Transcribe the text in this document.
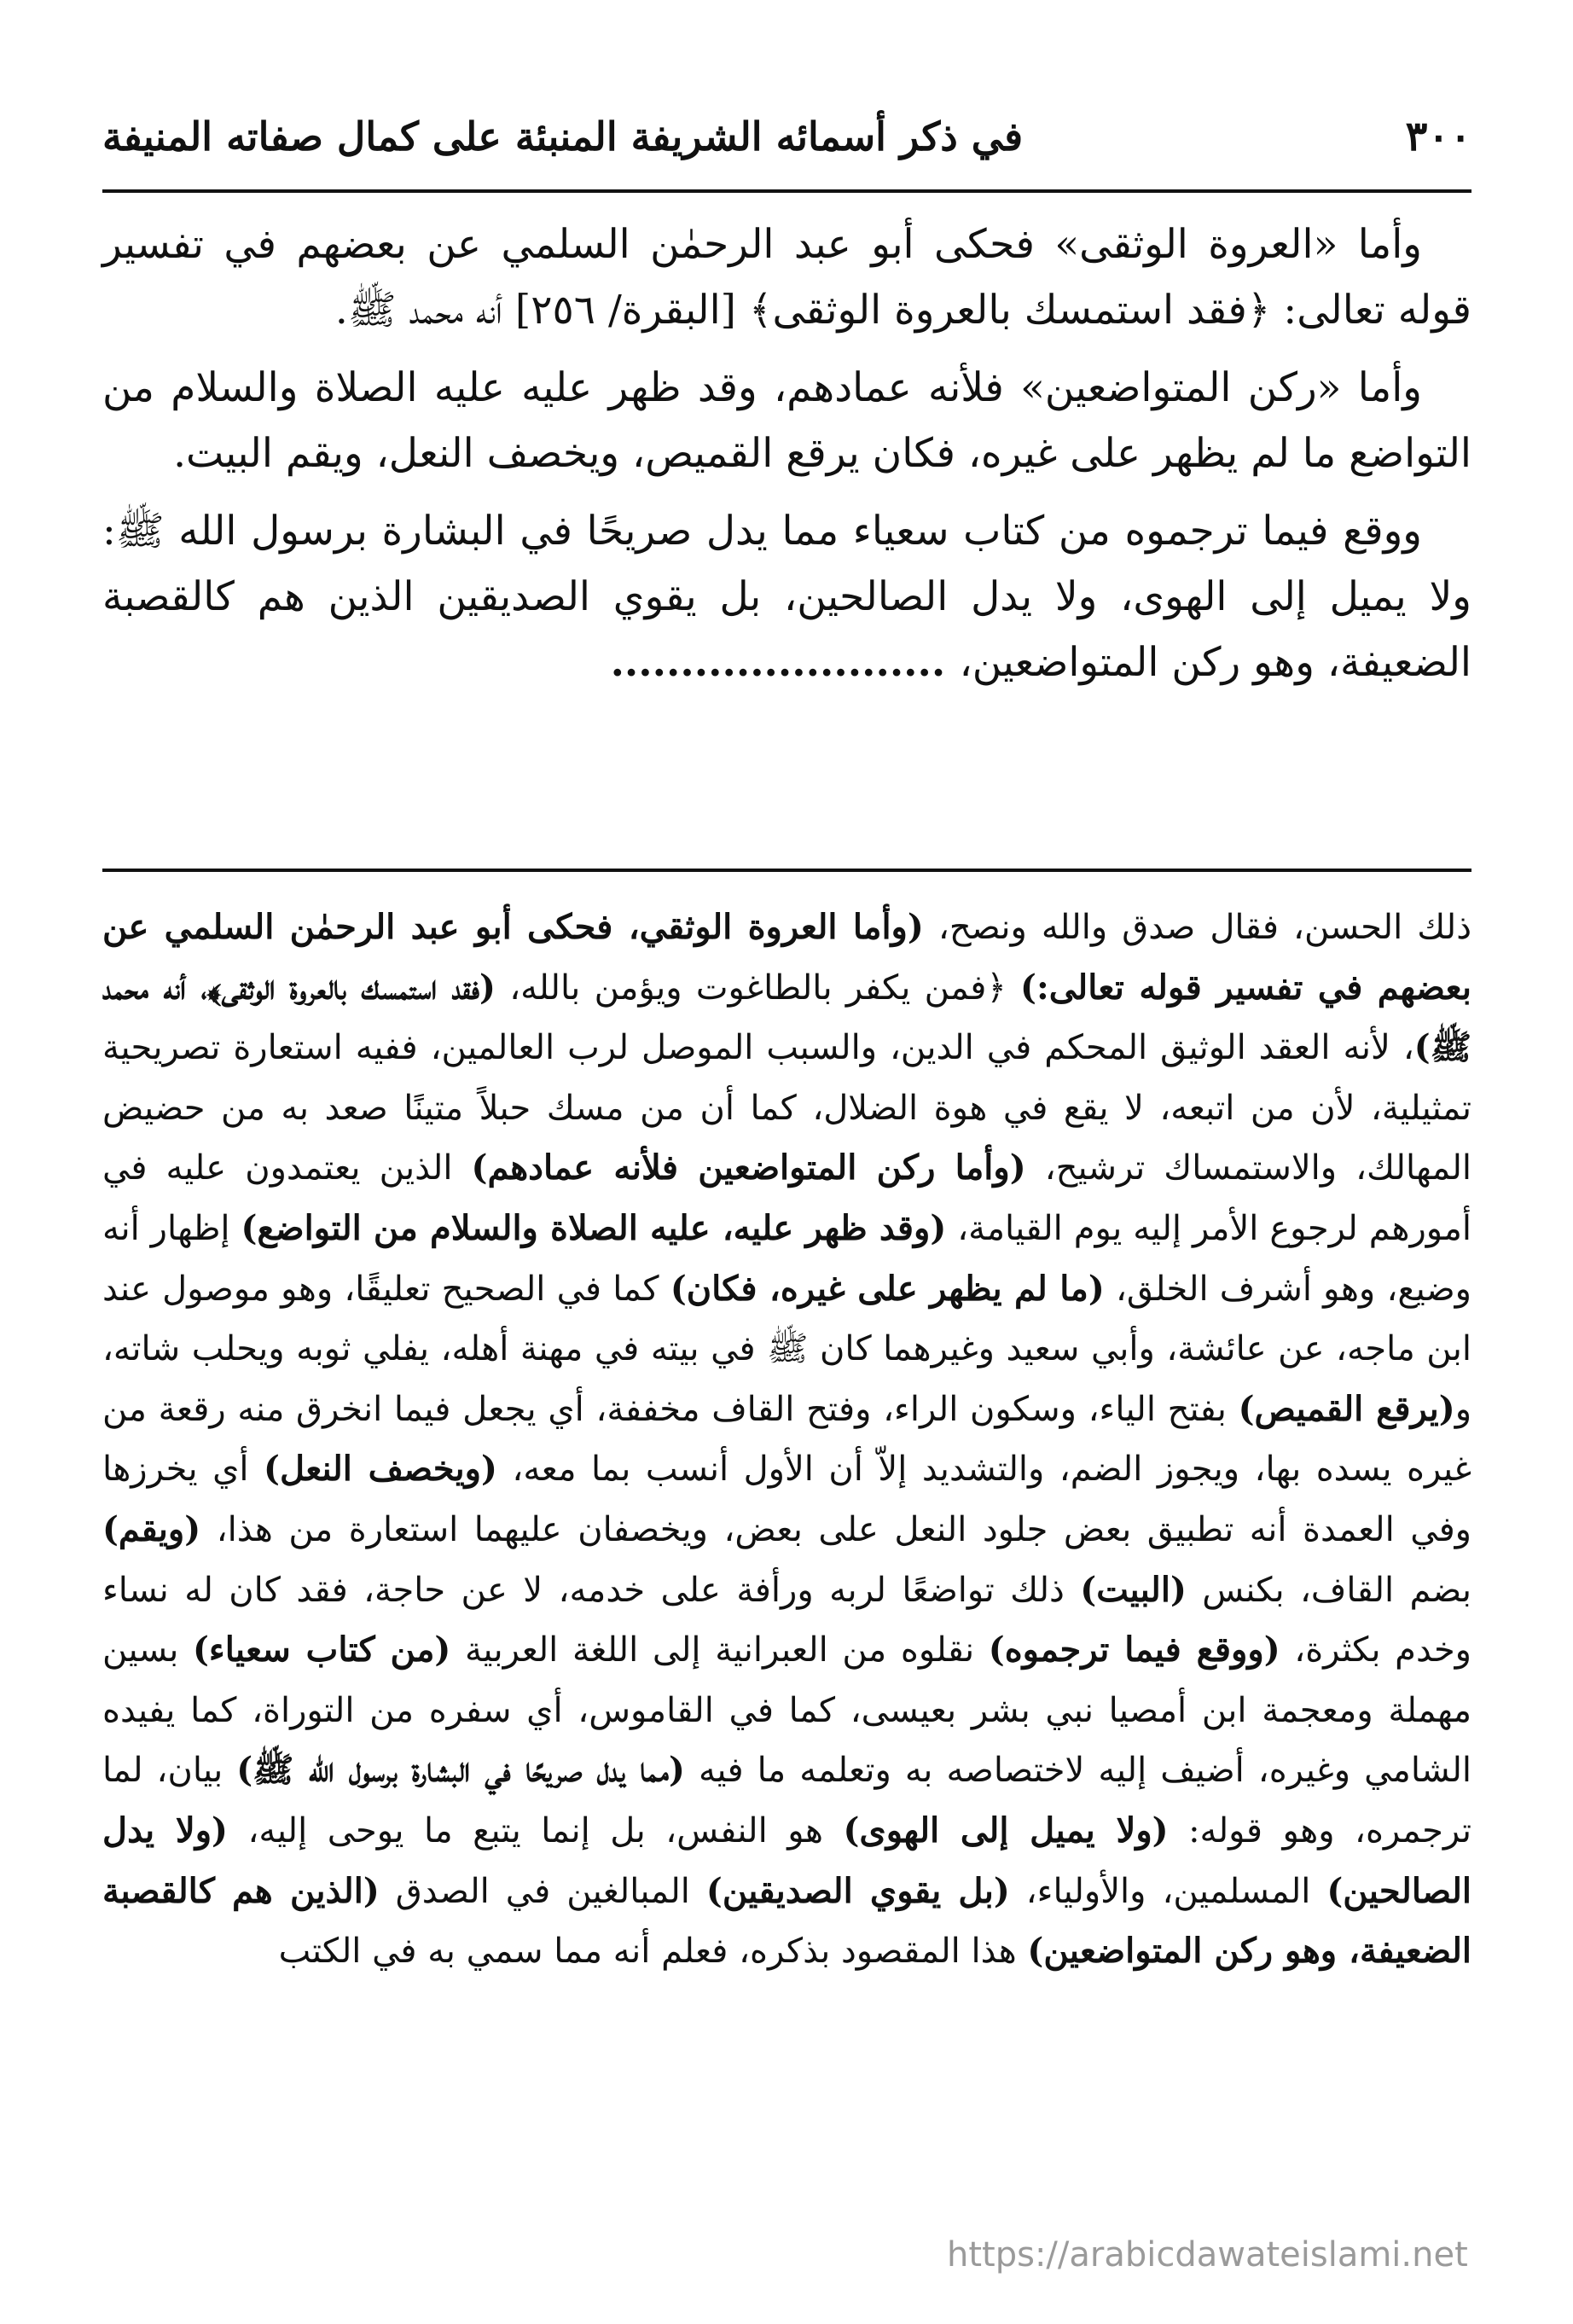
٣٠٠
في ذكر أسمائه الشريفة المنبئة على كمال صفاته المنيفة

وأما «العروة الوثقى» فحكى أبو عبد الرحمٰن السلمي عن بعضهم في تفسير قوله تعالى: ﴿فقد استمسك بالعروة الوثقى﴾ [البقرة/ ٢٥٦] أنه محمد ﷺ.

وأما «ركن المتواضعين» فلأنه عمادهم، وقد ظهر عليه عليه الصلاة والسلام من التواضع ما لم يظهر على غيره، فكان يرقع القميص، ويخصف النعل، ويقم البيت.

ووقع فيما ترجموه من كتاب سعياء مما يدل صريحًا في البشارة برسول الله ﷺ: ولا يميل إلى الهوى، ولا يدل الصالحين، بل يقوي الصديقين الذين هم كالقصبة الضعيفة، وهو ركن المتواضعين، ........................

ذلك الحسن، فقال صدق والله ونصح، (وأما العروة الوثقي، فحكى أبو عبد الرحمٰن السلمي عن بعضهم في تفسير قوله تعالى:) ﴿فمن يكفر بالطاغوت ويؤمن بالله، (فقد استمسك بالعروة الوثقى﴾، أنه محمد ﷺ)، لأنه العقد الوثيق المحكم في الدين، والسبب الموصل لرب العالمين، ففيه استعارة تصريحية تمثيلية، لأن من اتبعه، لا يقع في هوة الضلال، كما أن من مسك حبلاً متينًا صعد به من حضيض المهالك، والاستمساك ترشيح، (وأما ركن المتواضعين فلأنه عمادهم) الذين يعتمدون عليه في أمورهم لرجوع الأمر إليه يوم القيامة، (وقد ظهر عليه، عليه الصلاة والسلام من التواضع) إظهار أنه وضيع، وهو أشرف الخلق، (ما لم يظهر على غيره، فكان) كما في الصحيح تعليقًا، وهو موصول عند ابن ماجه، عن عائشة، وأبي سعيد وغيرهما كان ﷺ في بيته في مهنة أهله، يفلي ثوبه ويحلب شاته، و(يرقع القميص) بفتح الياء، وسكون الراء، وفتح القاف مخففة، أي يجعل فيما انخرق منه رقعة من غيره يسده بها، ويجوز الضم، والتشديد إلاّ أن الأول أنسب بما معه، (ويخصف النعل) أي يخرزها وفي العمدة أنه تطبيق بعض جلود النعل على بعض، ويخصفان عليهما استعارة من هذا، (ويقم) بضم القاف، بكنس (البيت) ذلك تواضعًا لربه ورأفة على خدمه، لا عن حاجة، فقد كان له نساء وخدم بكثرة، (ووقع فيما ترجموه) نقلوه من العبرانية إلى اللغة العربية (من كتاب سعياء) بسين مهملة ومعجمة ابن أمصيا نبي بشر بعيسى، كما في القاموس، أي سفره من التوراة، كما يفيده الشامي وغيره، أضيف إليه لاختصاصه به وتعلمه ما فيه (مما يدل صريحًا في البشارة برسول الله ﷺ) بيان، لما ترجمره، وهو قوله: (ولا يميل إلى الهوى) هو النفس، بل إنما يتبع ما يوحى إليه، (ولا يدل الصالحين) المسلمين، والأولياء، (بل يقوي الصديقين) المبالغين في الصدق (الذين هم كالقصبة الضعيفة، وهو ركن المتواضعين) هذا المقصود بذكره، فعلم أنه مما سمي به في الكتب

https://arabicdawateislami.net
